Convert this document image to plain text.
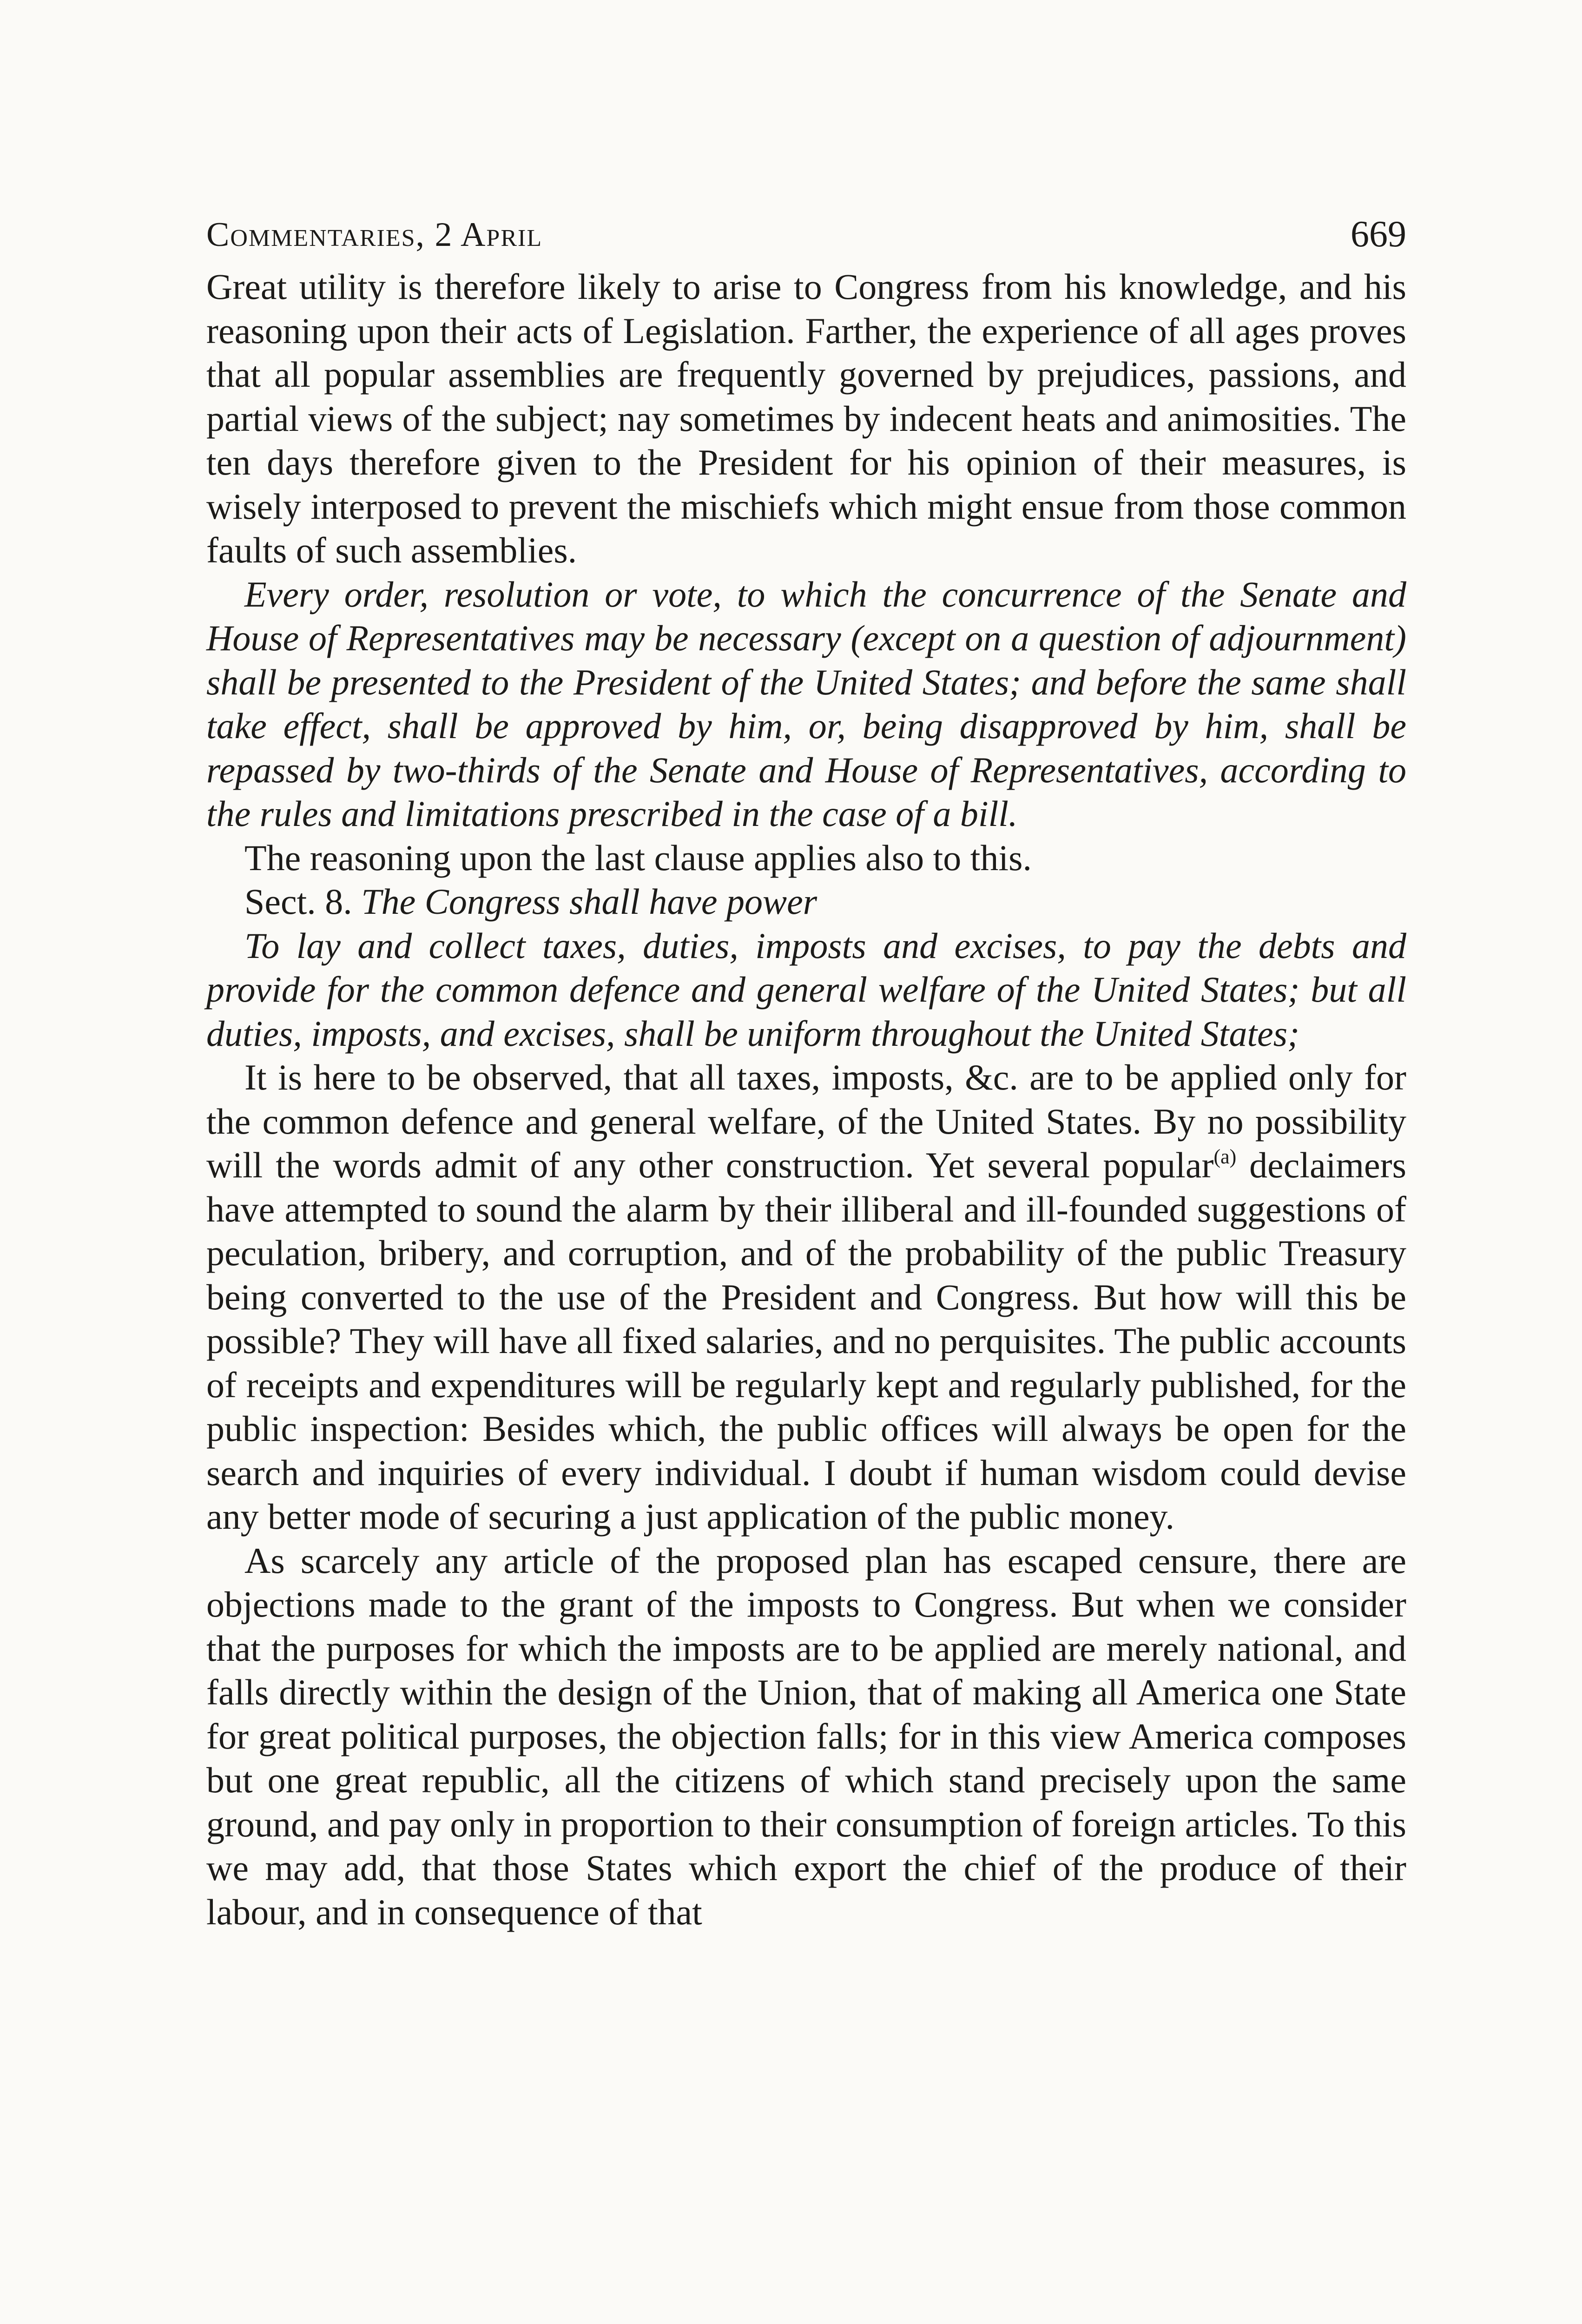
Commentaries, 2 April	669

Great utility is therefore likely to arise to Congress from his knowledge, and his reasoning upon their acts of Legislation. Farther, the experience of all ages proves that all popular assemblies are frequently governed by prejudices, passions, and partial views of the subject; nay sometimes by indecent heats and animosities. The ten days therefore given to the President for his opinion of their measures, is wisely interposed to prevent the mischiefs which might ensue from those common faults of such assemblies.

Every order, resolution or vote, to which the concurrence of the Senate and House of Representatives may be necessary (except on a question of adjournment) shall be presented to the President of the United States; and before the same shall take effect, shall be approved by him, or, being disapproved by him, shall be repassed by two-thirds of the Senate and House of Representatives, according to the rules and limitations prescribed in the case of a bill.

The reasoning upon the last clause applies also to this.

Sect. 8. The Congress shall have power

To lay and collect taxes, duties, imposts and excises, to pay the debts and provide for the common defence and general welfare of the United States; but all duties, imposts, and excises, shall be uniform throughout the United States;

It is here to be observed, that all taxes, imposts, &c. are to be applied only for the common defence and general welfare, of the United States. By no possibility will the words admit of any other construction. Yet several popular$^{(a)}$ declaimers have attempted to sound the alarm by their illiberal and ill-founded suggestions of peculation, bribery, and corruption, and of the probability of the public Treasury being converted to the use of the President and Congress. But how will this be possible? They will have all fixed salaries, and no perquisites. The public accounts of receipts and expenditures will be regularly kept and regularly published, for the public inspection: Besides which, the public offices will always be open for the search and inquiries of every individual. I doubt if human wisdom could devise any better mode of securing a just application of the public money.

As scarcely any article of the proposed plan has escaped censure, there are objections made to the grant of the imposts to Congress. But when we consider that the purposes for which the imposts are to be applied are merely national, and falls directly within the design of the Union, that of making all America one State for great political purposes, the objection falls; for in this view America composes but one great republic, all the citizens of which stand precisely upon the same ground, and pay only in proportion to their consumption of foreign articles. To this we may add, that those States which export the chief of the produce of their labour, and in consequence of that
